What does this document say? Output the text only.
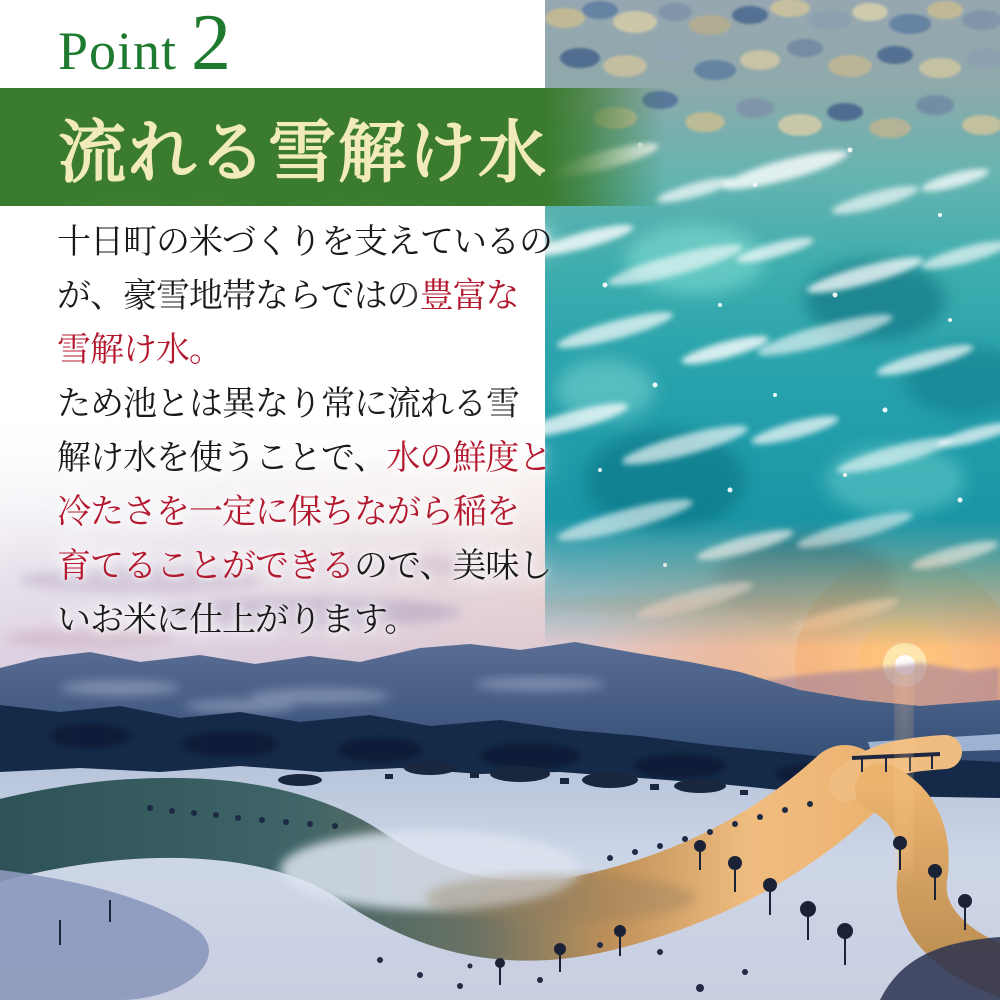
Point 2
流れる雪解け水

十日町の米づくりを支えているの

が、豪雪地帯ならではの豊富な

雪解け水。

ため池とは異なり常に流れる雪

解け水を使うことで、水の鮮度と

冷たさを一定に保ちながら稲を

育てることができるので、美味し

いお米に仕上がります。
